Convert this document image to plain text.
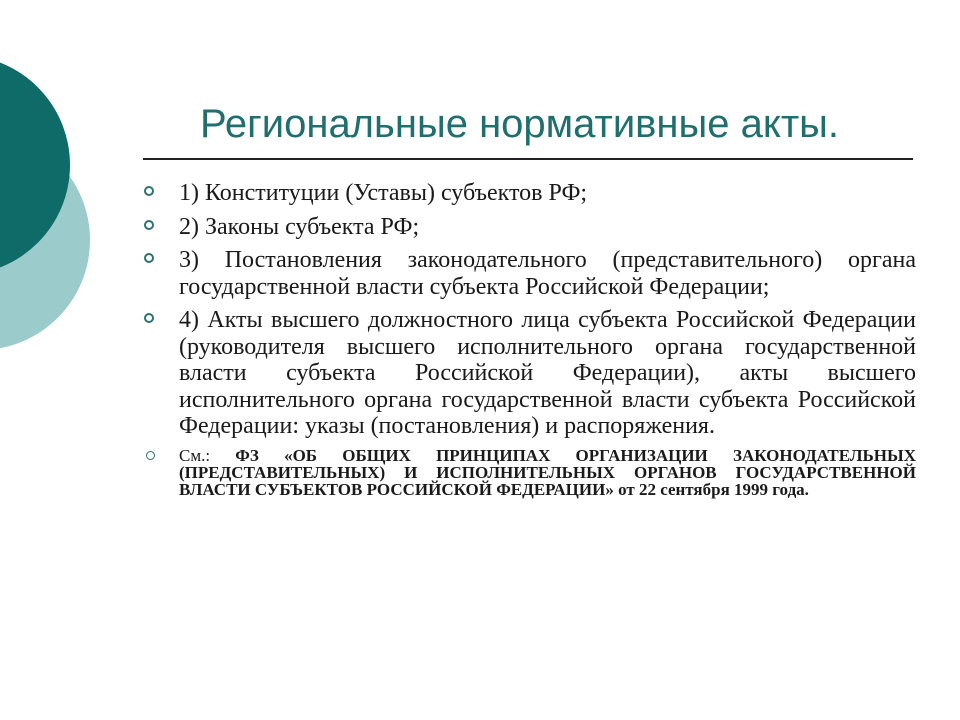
Региональные нормативные акты.
1) Конституции (Уставы) субъектов РФ;
2) Законы субъекта РФ;
3) Постановления законодательного (представительного) органа государственной власти субъекта Российской Федерации;
4) Акты высшего должностного лица субъекта Российской Федерации (руководителя высшего исполнительного органа государственной власти субъекта Российской Федерации), акты высшего исполнительного органа государственной власти субъекта Российской Федерации: указы (постановления) и распоряжения.
См.: ФЗ «ОБ ОБЩИХ ПРИНЦИПАХ ОРГАНИЗАЦИИ ЗАКОНОДАТЕЛЬНЫХ (ПРЕДСТАВИТЕЛЬНЫХ) И ИСПОЛНИТЕЛЬНЫХ ОРГАНОВ ГОСУДАРСТВЕННОЙ ВЛАСТИ СУБЪЕКТОВ РОССИЙСКОЙ ФЕДЕРАЦИИ» от 22 сентября 1999 года.
